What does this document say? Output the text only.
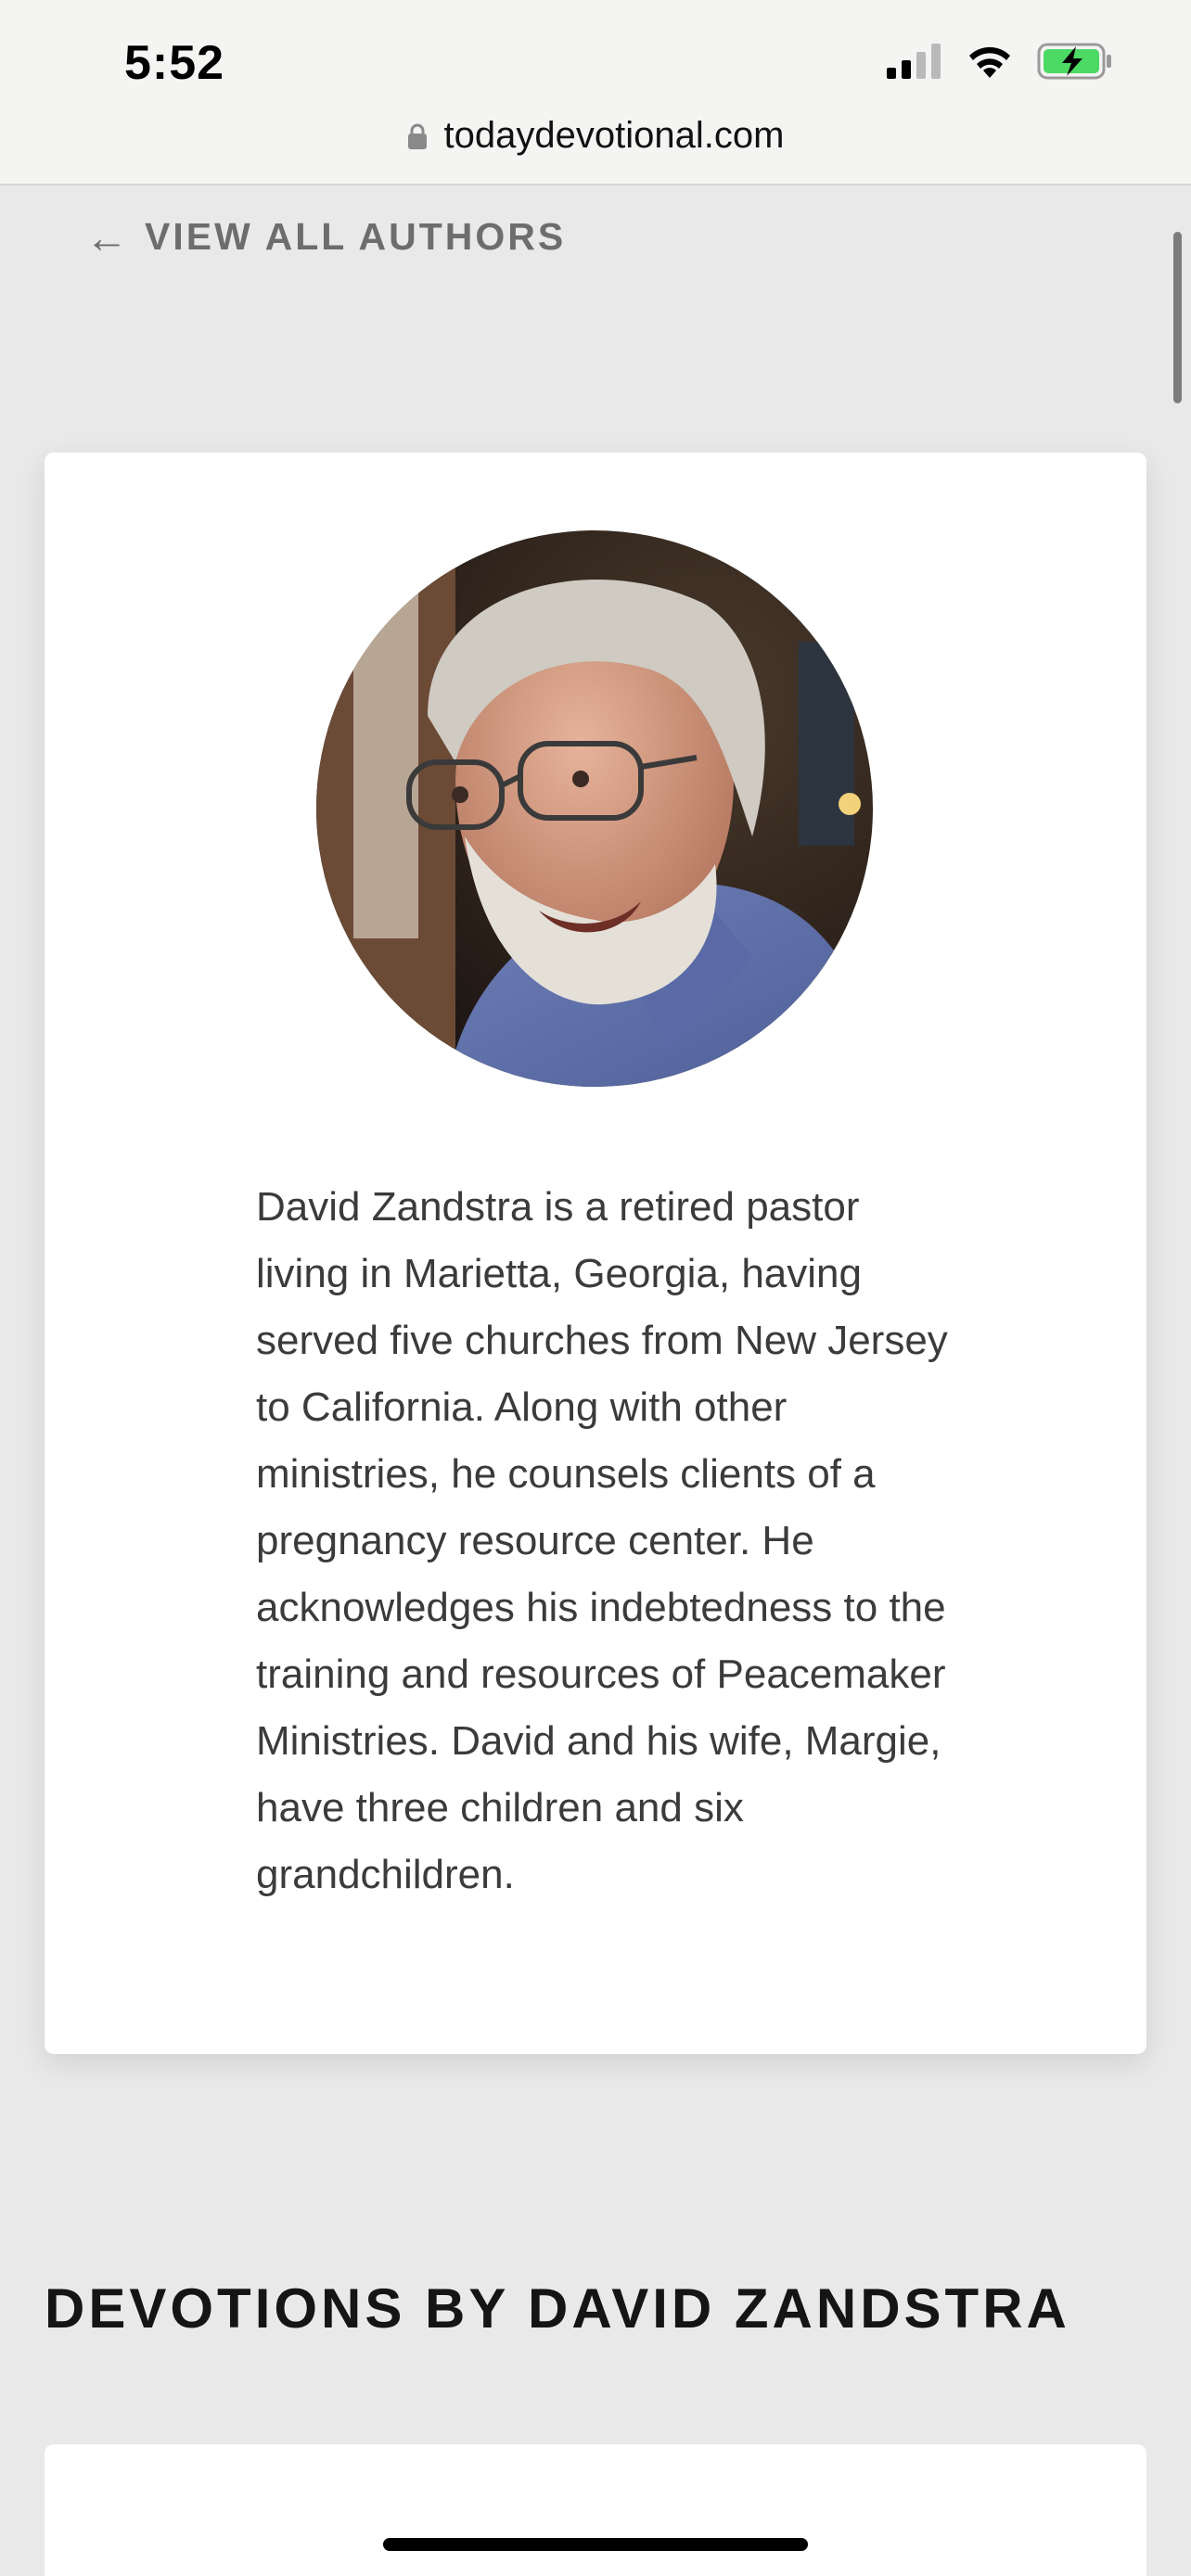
5:52
todaydevotional.com
← VIEW ALL AUTHORS

David Zandstra is a retired pastor living in Marietta, Georgia, having served five churches from New Jersey to California. Along with other ministries, he counsels clients of a pregnancy resource center. He acknowledges his indebtedness to the training and resources of Peacemaker Ministries. David and his wife, Margie, have three children and six grandchildren.

DEVOTIONS BY DAVID ZANDSTRA
